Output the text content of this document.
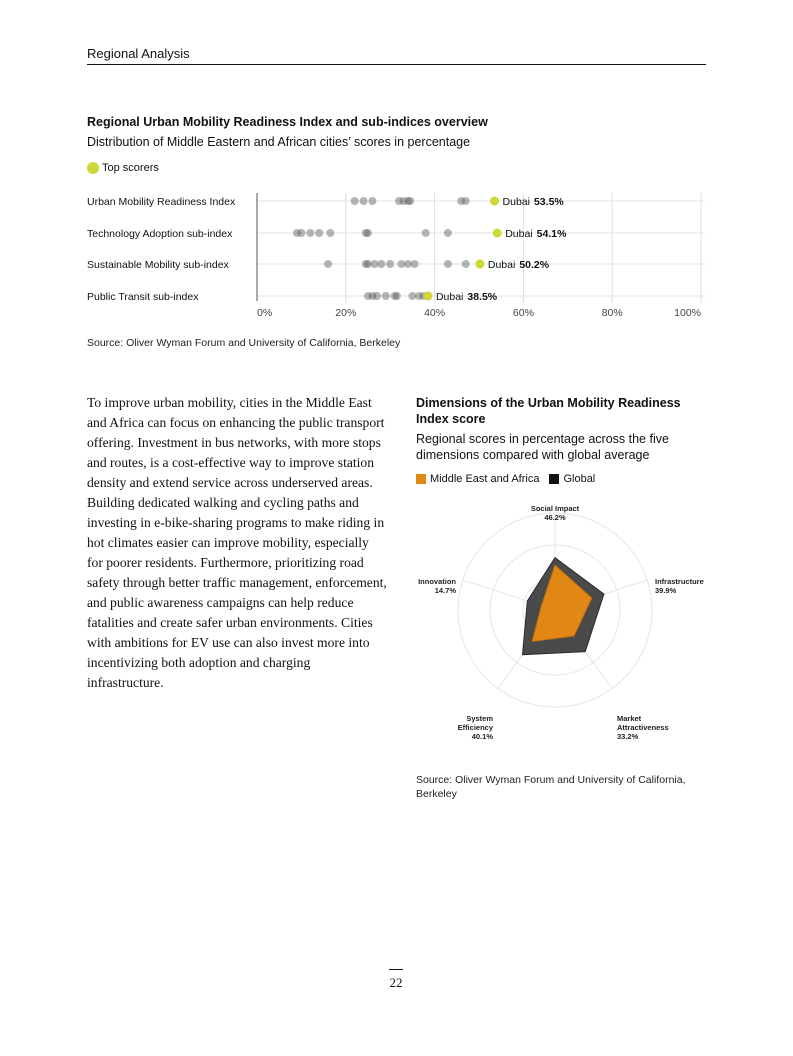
Regional Analysis
Regional Urban Mobility Readiness Index and sub-indices overview
Distribution of Middle Eastern and African cities’ scores in percentage
Top scorers
Urban Mobility Readiness Index	Dubai 53.5%
Technology Adoption sub-index	Dubai 54.1%
Sustainable Mobility sub-index	Dubai 50.2%
Public Transit sub-index	Dubai 38.5%
0%	20%	40%	60%	80%	100%
Source: Oliver Wyman Forum and University of California, Berkeley

To improve urban mobility, cities in the Middle East and Africa can focus on enhancing the public transport offering. Investment in bus networks, with more stops and routes, is a cost-effective way to improve station density and extend service across underserved areas. Building dedicated walking and cycling paths and investing in e-bike-sharing programs to make riding in hot climates easier can improve mobility, especially for poorer residents. Furthermore, prioritizing road safety through better traffic management, enforcement, and public awareness campaigns can help reduce fatalities and create safer urban environments. Cities with ambitions for EV use can also invest more into incentivizing both adoption and charging infrastructure.

Dimensions of the Urban Mobility Readiness Index score
Regional scores in percentage across the five dimensions compared with global average
Middle East and Africa Global
Social Impact 46.2%
Infrastructure 39.9%
Market Attractiveness 33.2%
System Efficiency 40.1%
Innovation 14.7%
Source: Oliver Wyman Forum and University of California, Berkeley
22
